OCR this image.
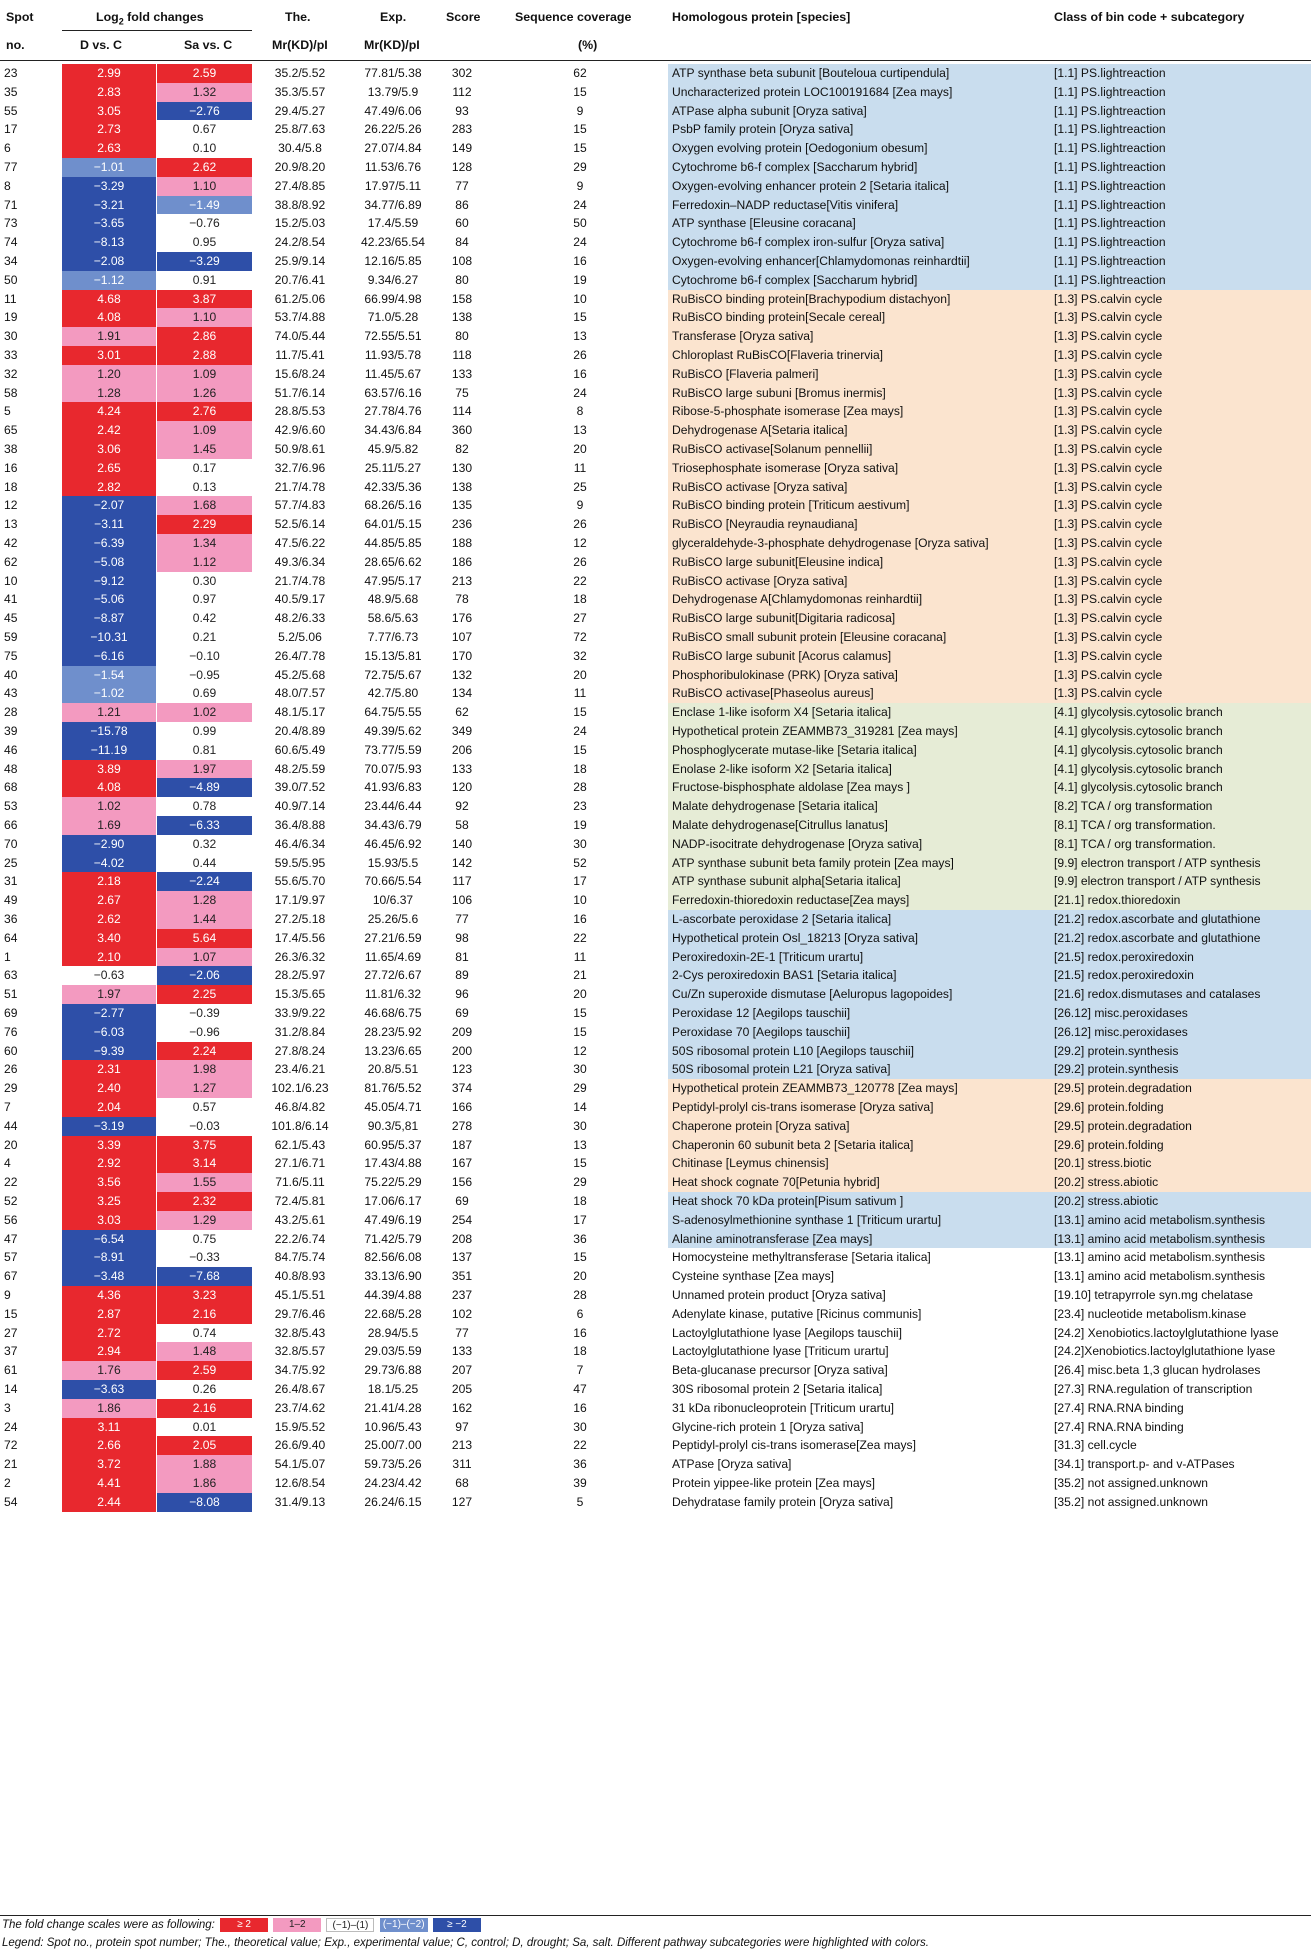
Spot
no.
Log$_2$ fold changes
D vs. C	Sa vs. C
The.
Mr(KD)/pI
Exp.
Mr(KD)/pI
Score	Sequence coverage
(%)
Homologous protein [species]	Class of bin code + subcategory
23	2.99	2.59	35.2/5.52	77.81/5.38	302	62	ATP synthase beta subunit [Bouteloua curtipendula]	[1.1] PS.lightreaction
35	2.83	1.32	35.3/5.57	13.79/5.9	112	15	Uncharacterized protein LOC100191684 [Zea mays]	[1.1] PS.lightreaction
55	3.05	−2.76	29.4/5.27	47.49/6.06	93	9	ATPase alpha subunit [Oryza sativa]	[1.1] PS.lightreaction
17	2.73	0.67	25.8/7.63	26.22/5.26	283	15	PsbP family protein [Oryza sativa]	[1.1] PS.lightreaction
6	2.63	0.10	30.4/5.8	27.07/4.84	149	15	Oxygen evolving protein [Oedogonium obesum]	[1.1] PS.lightreaction
77	−1.01	2.62	20.9/8.20	11.53/6.76	128	29	Cytochrome b6-f complex [Saccharum hybrid]	[1.1] PS.lightreaction
8	−3.29	1.10	27.4/8.85	17.97/5.11	77	9	Oxygen-evolving enhancer protein 2 [Setaria italica]	[1.1] PS.lightreaction
71	−3.21	−1.49	38.8/8.92	34.77/6.89	86	24	Ferredoxin–NADP reductase[Vitis vinifera]	[1.1] PS.lightreaction
73	−3.65	−0.76	15.2/5.03	17.4/5.59	60	50	ATP synthase [Eleusine coracana]	[1.1] PS.lightreaction
74	−8.13	0.95	24.2/8.54	42.23/65.54	84	24	Cytochrome b6-f complex iron-sulfur [Oryza sativa]	[1.1] PS.lightreaction
34	−2.08	−3.29	25.9/9.14	12.16/5.85	108	16	Oxygen-evolving enhancer[Chlamydomonas reinhardtii]	[1.1] PS.lightreaction
50	−1.12	0.91	20.7/6.41	9.34/6.27	80	19	Cytochrome b6-f complex [Saccharum hybrid]	[1.1] PS.lightreaction
11	4.68	3.87	61.2/5.06	66.99/4.98	158	10	RuBisCO binding protein[Brachypodium distachyon]	[1.3] PS.calvin cycle
19	4.08	1.10	53.7/4.88	71.0/5.28	138	15	RuBisCO binding protein[Secale cereal]	[1.3] PS.calvin cycle
30	1.91	2.86	74.0/5.44	72.55/5.51	80	13	Transferase [Oryza sativa]	[1.3] PS.calvin cycle
33	3.01	2.88	11.7/5.41	11.93/5.78	118	26	Chloroplast RuBisCO[Flaveria trinervia]	[1.3] PS.calvin cycle
32	1.20	1.09	15.6/8.24	11.45/5.67	133	16	RuBisCO [Flaveria palmeri]	[1.3] PS.calvin cycle
58	1.28	1.26	51.7/6.14	63.57/6.16	75	24	RuBisCO large subuni [Bromus inermis]	[1.3] PS.calvin cycle
5	4.24	2.76	28.8/5.53	27.78/4.76	114	8	Ribose-5-phosphate isomerase [Zea mays]	[1.3] PS.calvin cycle
65	2.42	1.09	42.9/6.60	34.43/6.84	360	13	Dehydrogenase A[Setaria italica]	[1.3] PS.calvin cycle
38	3.06	1.45	50.9/8.61	45.9/5.82	82	20	RuBisCO activase[Solanum pennellii]	[1.3] PS.calvin cycle
16	2.65	0.17	32.7/6.96	25.11/5.27	130	11	Triosephosphate isomerase [Oryza sativa]	[1.3] PS.calvin cycle
18	2.82	0.13	21.7/4.78	42.33/5.36	138	25	RuBisCO activase [Oryza sativa]	[1.3] PS.calvin cycle
12	−2.07	1.68	57.7/4.83	68.26/5.16	135	9	RuBisCO binding protein [Triticum aestivum]	[1.3] PS.calvin cycle
13	−3.11	2.29	52.5/6.14	64.01/5.15	236	26	RuBisCO [Neyraudia reynaudiana]	[1.3] PS.calvin cycle
42	−6.39	1.34	47.5/6.22	44.85/5.85	188	12	glyceraldehyde-3-phosphate dehydrogenase [Oryza sativa]	[1.3] PS.calvin cycle
62	−5.08	1.12	49.3/6.34	28.65/6.62	186	26	RuBisCO large subunit[Eleusine indica]	[1.3] PS.calvin cycle
10	−9.12	0.30	21.7/4.78	47.95/5.17	213	22	RuBisCO activase [Oryza sativa]	[1.3] PS.calvin cycle
41	−5.06	0.97	40.5/9.17	48.9/5.68	78	18	Dehydrogenase A[Chlamydomonas reinhardtii]	[1.3] PS.calvin cycle
45	−8.87	0.42	48.2/6.33	58.6/5.63	176	27	RuBisCO large subunit[Digitaria radicosa]	[1.3] PS.calvin cycle
59	−10.31	0.21	5.2/5.06	7.77/6.73	107	72	RuBisCO small subunit protein [Eleusine coracana]	[1.3] PS.calvin cycle
75	−6.16	−0.10	26.4/7.78	15.13/5.81	170	32	RuBisCO large subunit [Acorus calamus]	[1.3] PS.calvin cycle
40	−1.54	−0.95	45.2/5.68	72.75/5.67	132	20	Phosphoribulokinase (PRK) [Oryza sativa]	[1.3] PS.calvin cycle
43	−1.02	0.69	48.0/7.57	42.7/5.80	134	11	RuBisCO activase[Phaseolus aureus]	[1.3] PS.calvin cycle
28	1.21	1.02	48.1/5.17	64.75/5.55	62	15	Enclase 1-like isoform X4 [Setaria italica]	[4.1] glycolysis.cytosolic branch
39	−15.78	0.99	20.4/8.89	49.39/5.62	349	24	Hypothetical protein ZEAMMB73_319281 [Zea mays]	[4.1] glycolysis.cytosolic branch
46	−11.19	0.81	60.6/5.49	73.77/5.59	206	15	Phosphoglycerate mutase-like [Setaria italica]	[4.1] glycolysis.cytosolic branch
48	3.89	1.97	48.2/5.59	70.07/5.93	133	18	Enolase 2-like isoform X2 [Setaria italica]	[4.1] glycolysis.cytosolic branch
68	4.08	−4.89	39.0/7.52	41.93/6.83	120	28	Fructose-bisphosphate aldolase [Zea mays ]	[4.1] glycolysis.cytosolic branch
53	1.02	0.78	40.9/7.14	23.44/6.44	92	23	Malate dehydrogenase [Setaria italica]	[8.2] TCA / org transformation
66	1.69	−6.33	36.4/8.88	34.43/6.79	58	19	Malate dehydrogenase[Citrullus lanatus]	[8.1] TCA / org transformation.
70	−2.90	0.32	46.4/6.34	46.45/6.92	140	30	NADP-isocitrate dehydrogenase [Oryza sativa]	[8.1] TCA / org transformation.
25	−4.02	0.44	59.5/5.95	15.93/5.5	142	52	ATP synthase subunit beta family protein [Zea mays]	[9.9] electron transport / ATP synthesis
31	2.18	−2.24	55.6/5.70	70.66/5.54	117	17	ATP synthase subunit alpha[Setaria italica]	[9.9] electron transport / ATP synthesis
49	2.67	1.28	17.1/9.97	10/6.37	106	10	Ferredoxin-thioredoxin reductase[Zea mays]	[21.1] redox.thioredoxin
36	2.62	1.44	27.2/5.18	25.26/5.6	77	16	L-ascorbate peroxidase 2 [Setaria italica]	[21.2] redox.ascorbate and glutathione
64	3.40	5.64	17.4/5.56	27.21/6.59	98	22	Hypothetical protein Osl_18213 [Oryza sativa]	[21.2] redox.ascorbate and glutathione
1	2.10	1.07	26.3/6.32	11.65/4.69	81	11	Peroxiredoxin-2E-1 [Triticum urartu]	[21.5] redox.peroxiredoxin
63	−0.63	−2.06	28.2/5.97	27.72/6.67	89	21	2-Cys peroxiredoxin BAS1 [Setaria italica]	[21.5] redox.peroxiredoxin
51	1.97	2.25	15.3/5.65	11.81/6.32	96	20	Cu/Zn superoxide dismutase [Aeluropus lagopoides]	[21.6] redox.dismutases and catalases
69	−2.77	−0.39	33.9/9.22	46.68/6.75	69	15	Peroxidase 12 [Aegilops tauschii]	[26.12] misc.peroxidases
76	−6.03	−0.96	31.2/8.84	28.23/5.92	209	15	Peroxidase 70 [Aegilops tauschii]	[26.12] misc.peroxidases
60	−9.39	2.24	27.8/8.24	13.23/6.65	200	12	50S ribosomal protein L10 [Aegilops tauschii]	[29.2] protein.synthesis
26	2.31	1.98	23.4/6.21	20.8/5.51	123	30	50S ribosomal protein L21 [Oryza sativa]	[29.2] protein.synthesis
29	2.40	1.27	102.1/6.23	81.76/5.52	374	29	Hypothetical protein ZEAMMB73_120778 [Zea mays]	[29.5] protein.degradation
7	2.04	0.57	46.8/4.82	45.05/4.71	166	14	Peptidyl-prolyl cis-trans isomerase [Oryza sativa]	[29.6] protein.folding
44	−3.19	−0.03	101.8/6.14	90.3/5,81	278	30	Chaperone protein [Oryza sativa]	[29.5] protein.degradation
20	3.39	3.75	62.1/5.43	60.95/5.37	187	13	Chaperonin 60 subunit beta 2 [Setaria italica]	[29.6] protein.folding
4	2.92	3.14	27.1/6.71	17.43/4.88	167	15	Chitinase [Leymus chinensis]	[20.1] stress.biotic
22	3.56	1.55	71.6/5.11	75.22/5.29	156	29	Heat shock cognate 70[Petunia hybrid]	[20.2] stress.abiotic
52	3.25	2.32	72.4/5.81	17.06/6.17	69	18	Heat shock 70 kDa protein[Pisum sativum ]	[20.2] stress.abiotic
56	3.03	1.29	43.2/5.61	47.49/6.19	254	17	S-adenosylmethionine synthase 1 [Triticum urartu]	[13.1] amino acid metabolism.synthesis
47	−6.54	0.75	22.2/6.74	71.42/5.79	208	36	Alanine aminotransferase [Zea mays]	[13.1] amino acid metabolism.synthesis
57	−8.91	−0.33	84.7/5.74	82.56/6.08	137	15	Homocysteine methyltransferase [Setaria italica]	[13.1] amino acid metabolism.synthesis
67	−3.48	−7.68	40.8/8.93	33.13/6.90	351	20	Cysteine synthase [Zea mays]	[13.1] amino acid metabolism.synthesis
9	4.36	3.23	45.1/5.51	44.39/4.88	237	28	Unnamed protein product [Oryza sativa]	[19.10] tetrapyrrole syn.mg chelatase
15	2.87	2.16	29.7/6.46	22.68/5.28	102	6	Adenylate kinase, putative [Ricinus communis]	[23.4] nucleotide metabolism.kinase
27	2.72	0.74	32.8/5.43	28.94/5.5	77	16	Lactoylglutathione lyase [Aegilops tauschii]	[24.2] Xenobiotics.lactoylglutathione lyase
37	2.94	1.48	32.8/5.57	29.03/5.59	133	18	Lactoylglutathione lyase [Triticum urartu]	[24.2]Xenobiotics.lactoylglutathione lyase
61	1.76	2.59	34.7/5.92	29.73/6.88	207	7	Beta-glucanase precursor [Oryza sativa]	[26.4] misc.beta 1,3 glucan hydrolases
14	−3.63	0.26	26.4/8.67	18.1/5.25	205	47	30S ribosomal protein 2 [Setaria italica]	[27.3] RNA.regulation of transcription
3	1.86	2.16	23.7/4.62	21.41/4.28	162	16	31 kDa ribonucleoprotein [Triticum urartu]	[27.4] RNA.RNA binding
24	3.11	0.01	15.9/5.52	10.96/5.43	97	30	Glycine-rich protein 1 [Oryza sativa]	[27.4] RNA.RNA binding
72	2.66	2.05	26.6/9.40	25.00/7.00	213	22	Peptidyl-prolyl cis-trans isomerase[Zea mays]	[31.3] cell.cycle
21	3.72	1.88	54.1/5.07	59.73/5.26	311	36	ATPase [Oryza sativa]	[34.1] transport.p- and v-ATPases
2	4.41	1.86	12.6/8.54	24.23/4.42	68	39	Protein yippee-like protein [Zea mays]	[35.2] not assigned.unknown
54	2.44	−8.08	31.4/9.13	26.24/6.15	127	5	Dehydratase family protein [Oryza sativa]	[35.2] not assigned.unknown
The fold change scales were as following: ≥ 2	1–2	(−1)–(1) (−1)–(−2) ≥ −2
Legend: Spot no., protein spot number; The., theoretical value; Exp., experimental value; C, control; D, drought; Sa, salt. Different pathway subcategories were highlighted with colors.
